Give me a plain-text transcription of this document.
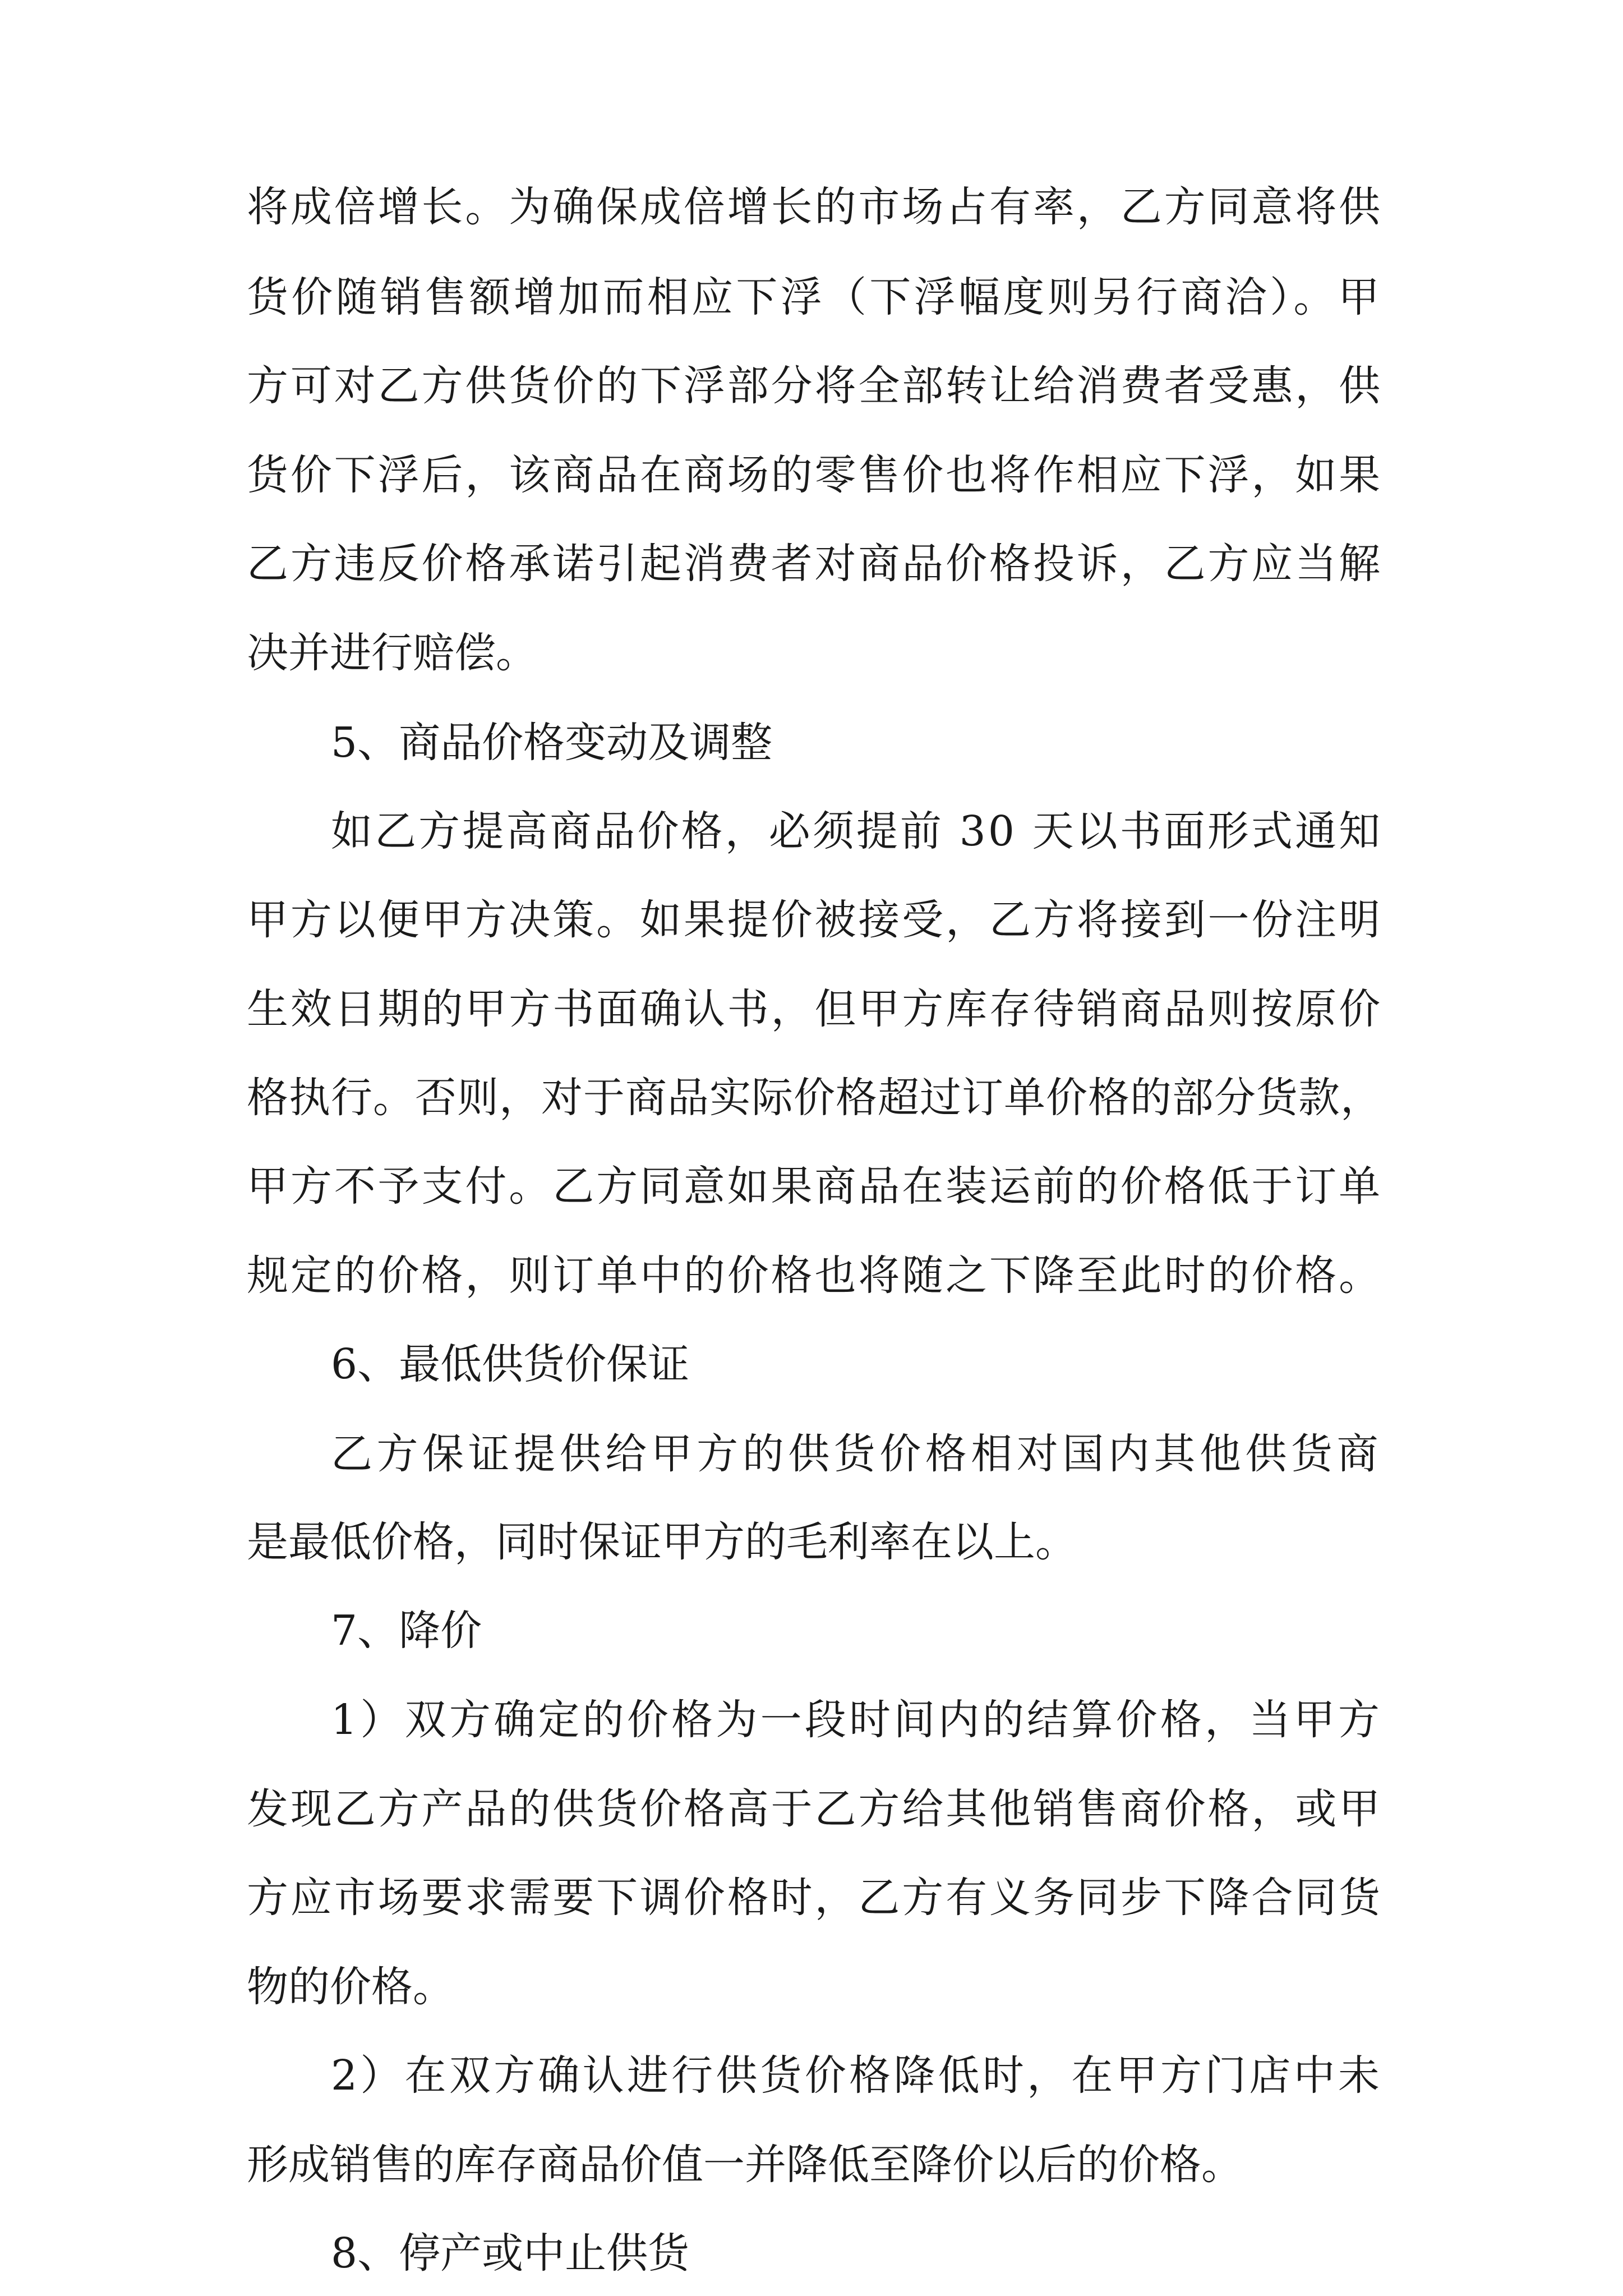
将成倍增长。为确保成倍增长的市场占有率，乙方同意将供
货价随销售额增加而相应下浮（下浮幅度则另行商洽）。甲
方可对乙方供货价的下浮部分将全部转让给消费者受惠，供
货价下浮后，该商品在商场的零售价也将作相应下浮，如果
乙方违反价格承诺引起消费者对商品价格投诉，乙方应当解
决并进行赔偿。
5、商品价格变动及调整
如乙方提高商品价格，必须提前 30 天以书面形式通知
甲方以便甲方决策。如果提价被接受，乙方将接到一份注明
生效日期的甲方书面确认书，但甲方库存待销商品则按原价
格执行。否则，对于商品实际价格超过订单价格的部分货款，
甲方不予支付。乙方同意如果商品在装运前的价格低于订单
规定的价格，则订单中的价格也将随之下降至此时的价格。
6、最低供货价保证
乙方保证提供给甲方的供货价格相对国内其他供货商
是最低价格，同时保证甲方的毛利率在以上。
7、降价
1）双方确定的价格为一段时间内的结算价格，当甲方
发现乙方产品的供货价格高于乙方给其他销售商价格，或甲
方应市场要求需要下调价格时，乙方有义务同步下降合同货
物的价格。
2）在双方确认进行供货价格降低时，在甲方门店中未
形成销售的库存商品价值一并降低至降价以后的价格。
8、停产或中止供货
